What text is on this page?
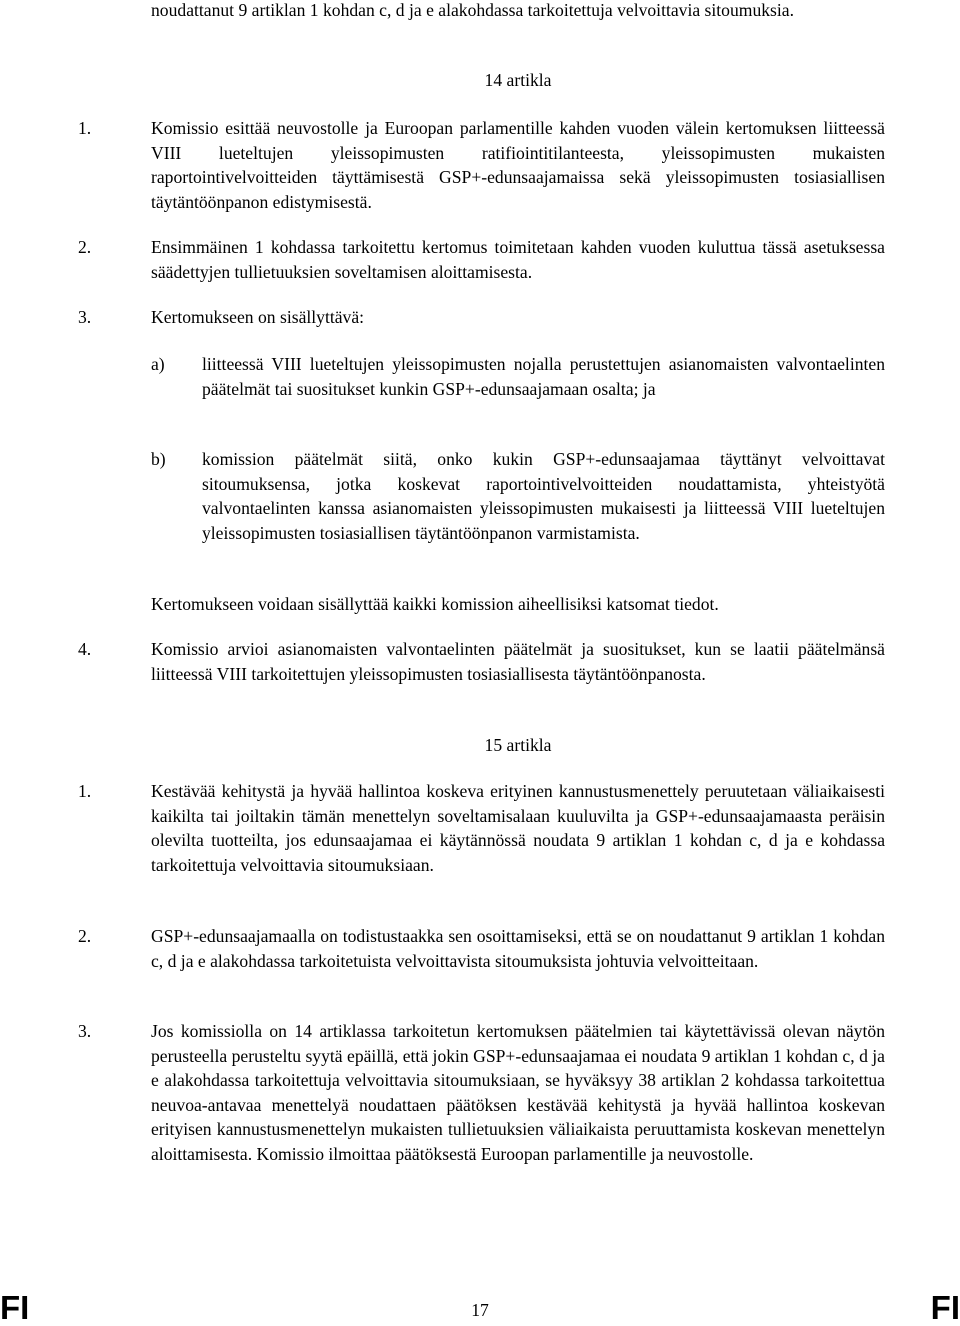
noudattanut 9 artiklan 1 kohdan c, d ja e alakohdassa tarkoitettuja velvoittavia sitoumuksia.
14 artikla
1.	Komissio esittää neuvostolle ja Euroopan parlamentille kahden vuoden välein kertomuksen liitteessä VIII lueteltujen yleissopimusten ratifiointitilanteesta, yleissopimusten mukaisten raportointivelvoitteiden täyttämisestä GSP+-edunsaajamaissa sekä yleissopimusten tosiasiallisen täytäntöönpanon edistymisestä.
2.	Ensimmäinen 1 kohdassa tarkoitettu kertomus toimitetaan kahden vuoden kuluttua tässä asetuksessa säädettyjen tullietuuksien soveltamisen aloittamisesta.
3.	Kertomukseen on sisällyttävä:
a) liitteessä VIII lueteltujen yleissopimusten nojalla perustettujen asianomaisten valvontaelinten päätelmät tai suositukset kunkin GSP+-edunsaajamaan osalta; ja
b) komission päätelmät siitä, onko kukin GSP+-edunsaajamaa täyttänyt velvoittavat sitoumuksensa, jotka koskevat raportointivelvoitteiden noudattamista, yhteistyötä valvontaelinten kanssa asianomaisten yleissopimusten mukaisesti ja liitteessä VIII lueteltujen yleissopimusten tosiasiallisen täytäntöönpanon varmistamista.
Kertomukseen voidaan sisällyttää kaikki komission aiheellisiksi katsomat tiedot.
4.	Komissio arvioi asianomaisten valvontaelinten päätelmät ja suositukset, kun se laatii päätelmänsä liitteessä VIII tarkoitettujen yleissopimusten tosiasiallisesta täytäntöönpanosta.
15 artikla
1.	Kestävää kehitystä ja hyvää hallintoa koskeva erityinen kannustusmenettely peruutetaan väliaikaisesti kaikilta tai joiltakin tämän menettelyn soveltamisalaan kuuluvilta ja GSP+-edunsaajamaasta peräisin olevilta tuotteilta, jos edunsaajamaa ei käytännössä noudata 9 artiklan 1 kohdan c, d ja e kohdassa tarkoitettuja velvoittavia sitoumuksiaan.
2.	GSP+-edunsaajamaalla on todistustaakka sen osoittamiseksi, että se on noudattanut 9 artiklan 1 kohdan c, d ja e alakohdassa tarkoitetuista velvoittavista sitoumuksista johtuvia velvoitteitaan.
3.	Jos komissiolla on 14 artiklassa tarkoitetun kertomuksen päätelmien tai käytettävissä olevan näytön perusteella perusteltu syytä epäillä, että jokin GSP+-edunsaajamaa ei noudata 9 artiklan 1 kohdan c, d ja e alakohdassa tarkoitettuja velvoittavia sitoumuksiaan, se hyväksyy 38 artiklan 2 kohdassa tarkoitettua neuvoa-antavaa menettelyä noudattaen päätöksen kestävää kehitystä ja hyvää hallintoa koskevan erityisen kannustusmenettelyn mukaisten tullietuuksien väliaikaista peruuttamista koskevan menettelyn aloittamisesta. Komissio ilmoittaa päätöksestä Euroopan parlamentille ja neuvostolle.
FI	17	FI
